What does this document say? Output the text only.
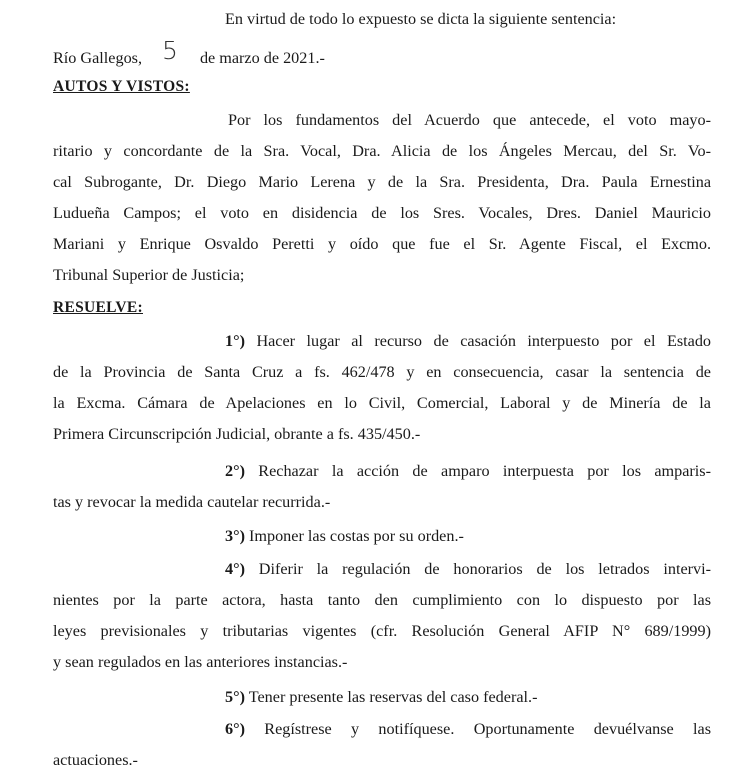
En virtud de todo lo expuesto se dicta la siguiente sentencia:
Río Gallegos, 5 de marzo de 2021.-
AUTOS Y VISTOS:
Por los fundamentos del Acuerdo que antecede, el voto mayo-
ritario y concordante de la Sra. Vocal, Dra. Alicia de los Ángeles Mercau, del Sr. Vo-
cal Subrogante, Dr. Diego Mario Lerena y de la Sra. Presidenta, Dra. Paula Ernestina
Ludueña Campos; el voto en disidencia de los Sres. Vocales, Dres. Daniel Mauricio
Mariani y Enrique Osvaldo Peretti y oído que fue el Sr. Agente Fiscal, el Excmo.
Tribunal Superior de Justicia;
RESUELVE:
1°) Hacer lugar al recurso de casación interpuesto por el Estado
de la Provincia de Santa Cruz a fs. 462/478 y en consecuencia, casar la sentencia de
la Excma. Cámara de Apelaciones en lo Civil, Comercial, Laboral y de Minería de la
Primera Circunscripción Judicial, obrante a fs. 435/450.-
2°) Rechazar la acción de amparo interpuesta por los amparis-
tas y revocar la medida cautelar recurrida.-
3°) Imponer las costas por su orden.-
4°) Diferir la regulación de honorarios de los letrados intervi-
nientes por la parte actora, hasta tanto den cumplimiento con lo dispuesto por las
leyes previsionales y tributarias vigentes (cfr. Resolución General AFIP N° 689/1999)
y sean regulados en las anteriores instancias.-
5°) Tener presente las reservas del caso federal.-
6°) Regístrese y notifíquese. Oportunamente devuélvanse las
actuaciones.-
